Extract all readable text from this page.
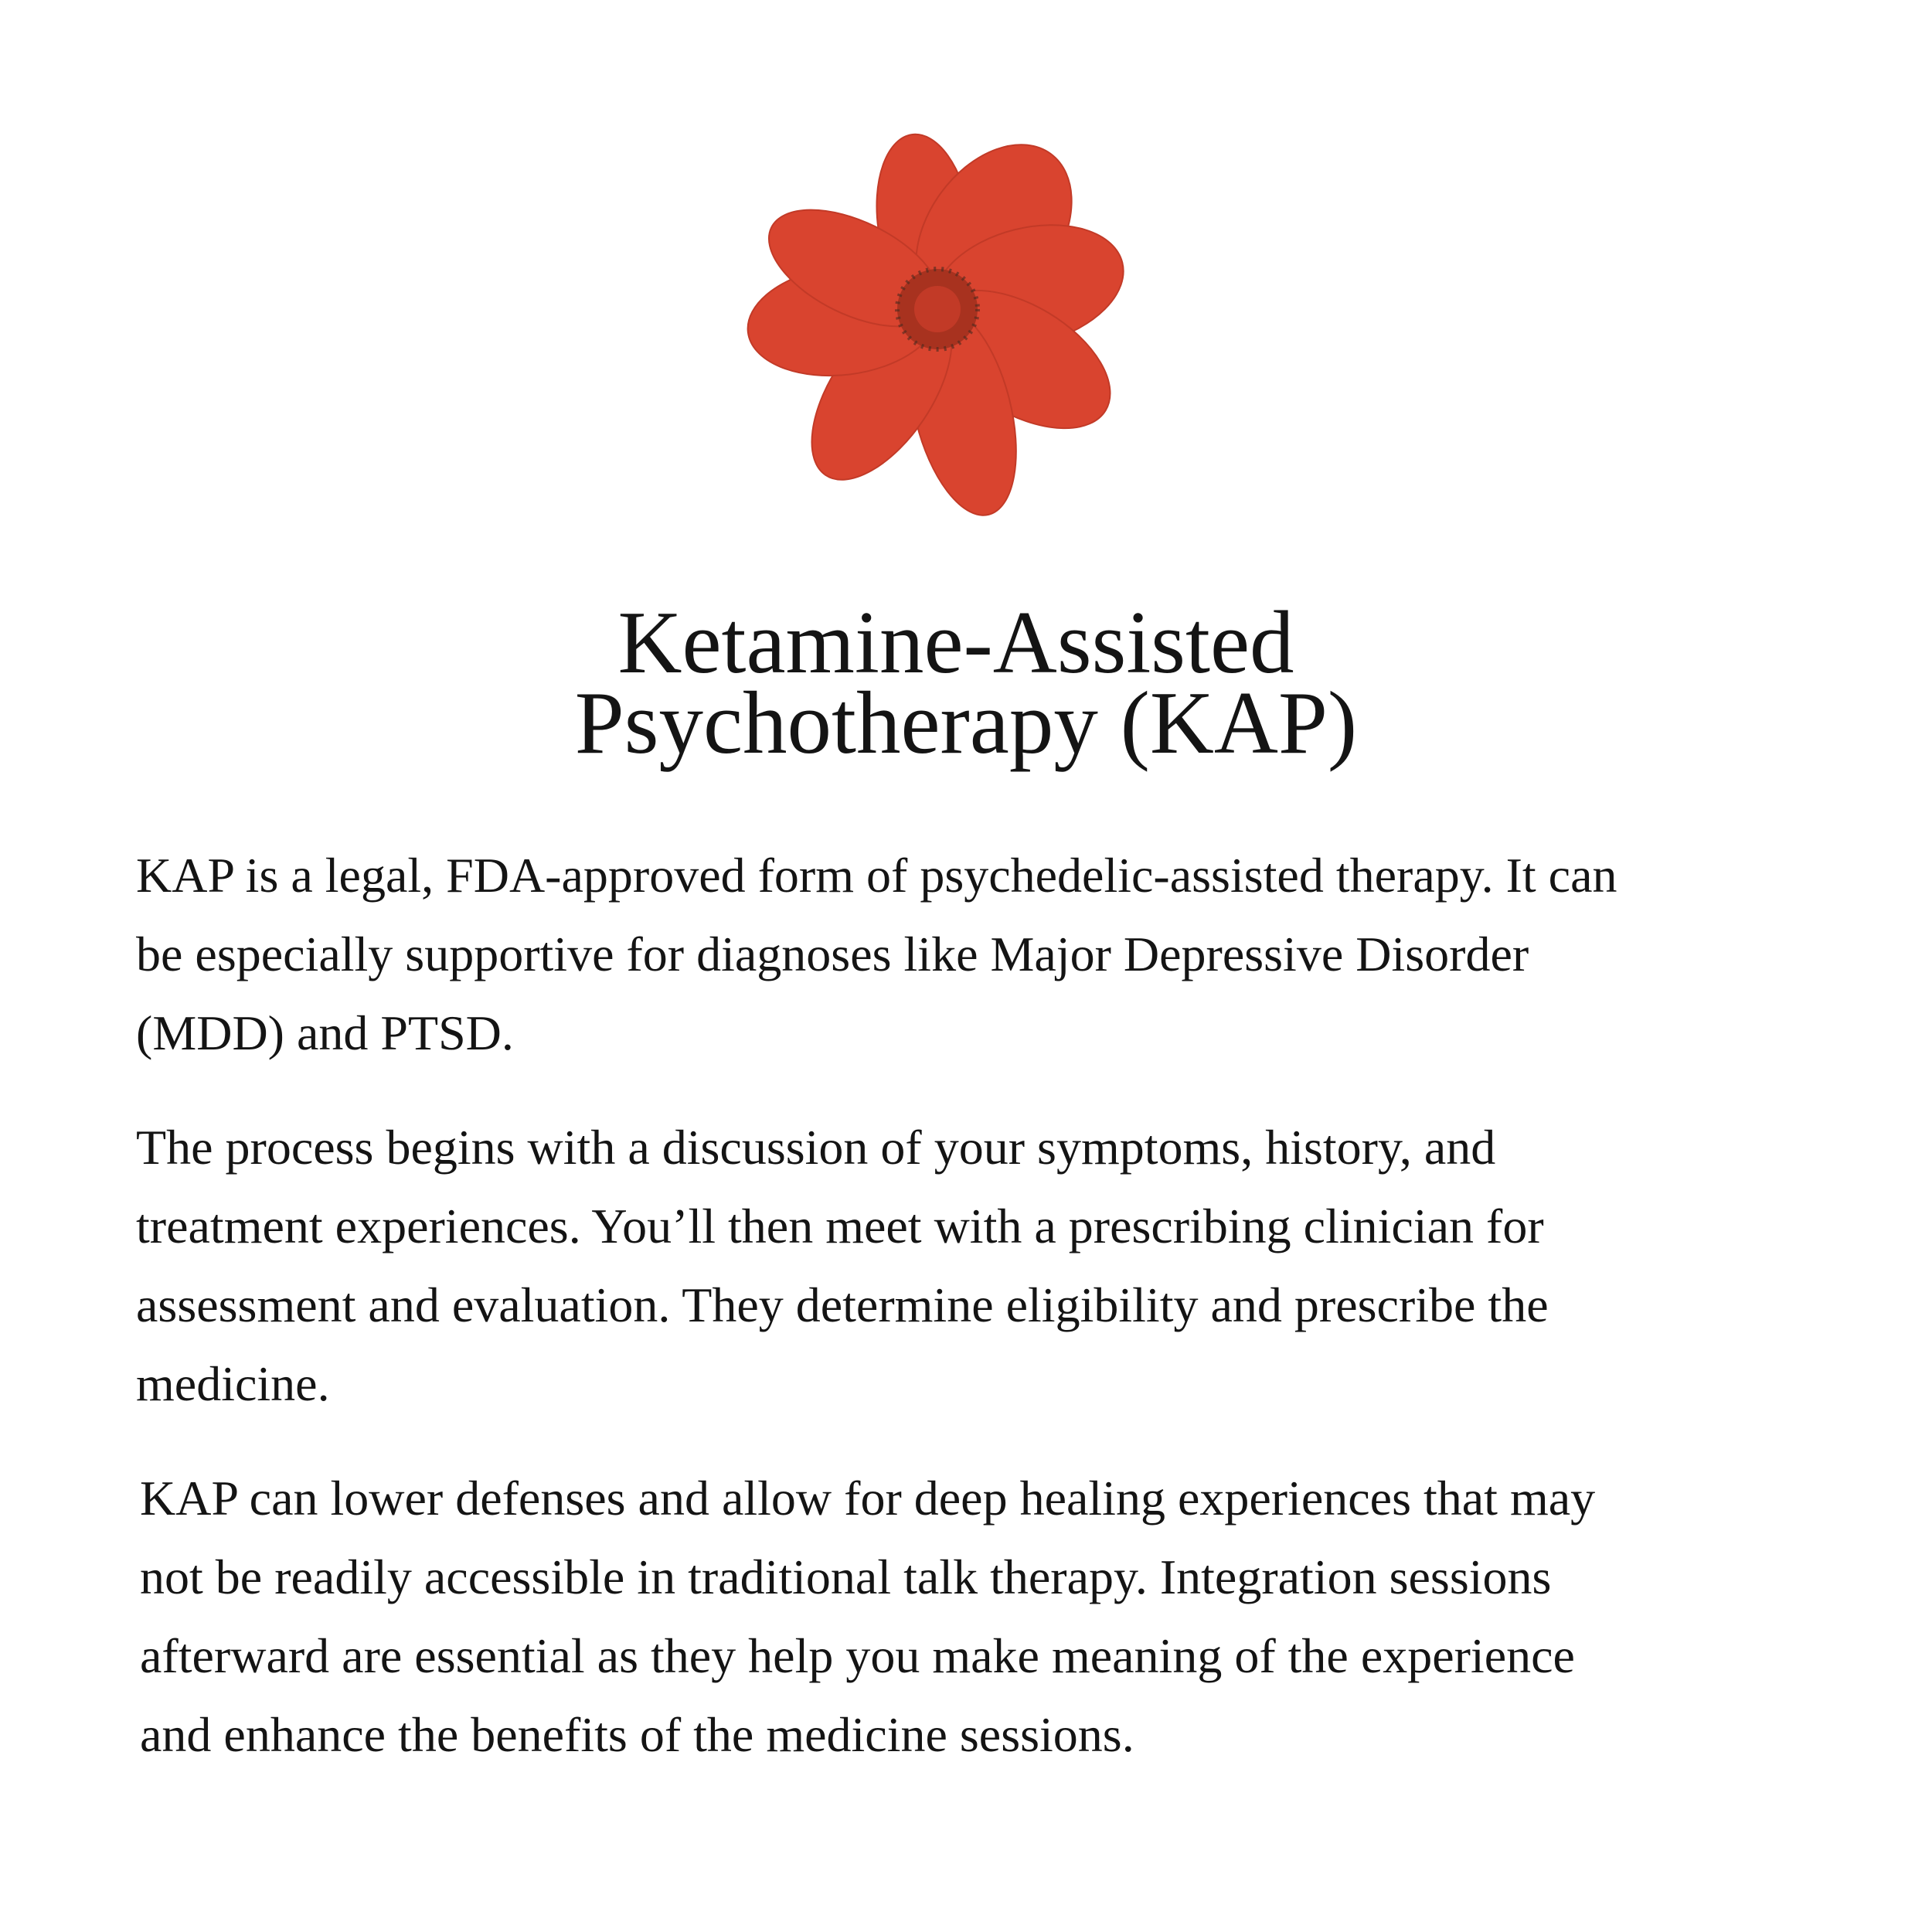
Ketamine-Assisted
Psychotherapy (KAP)
KAP is a legal, FDA-approved form of psychedelic-assisted therapy. It can
be especially supportive for diagnoses like Major Depressive Disorder
(MDD) and PTSD.
The process begins with a discussion of your symptoms, history, and
treatment experiences. You’ll then meet with a prescribing clinician for
assessment and evaluation. They determine eligibility and prescribe the
medicine.
KAP can lower defenses and allow for deep healing experiences that may
not be readily accessible in traditional talk therapy. Integration sessions
afterward are essential as they help you make meaning of the experience
and enhance the benefits of the medicine sessions.
